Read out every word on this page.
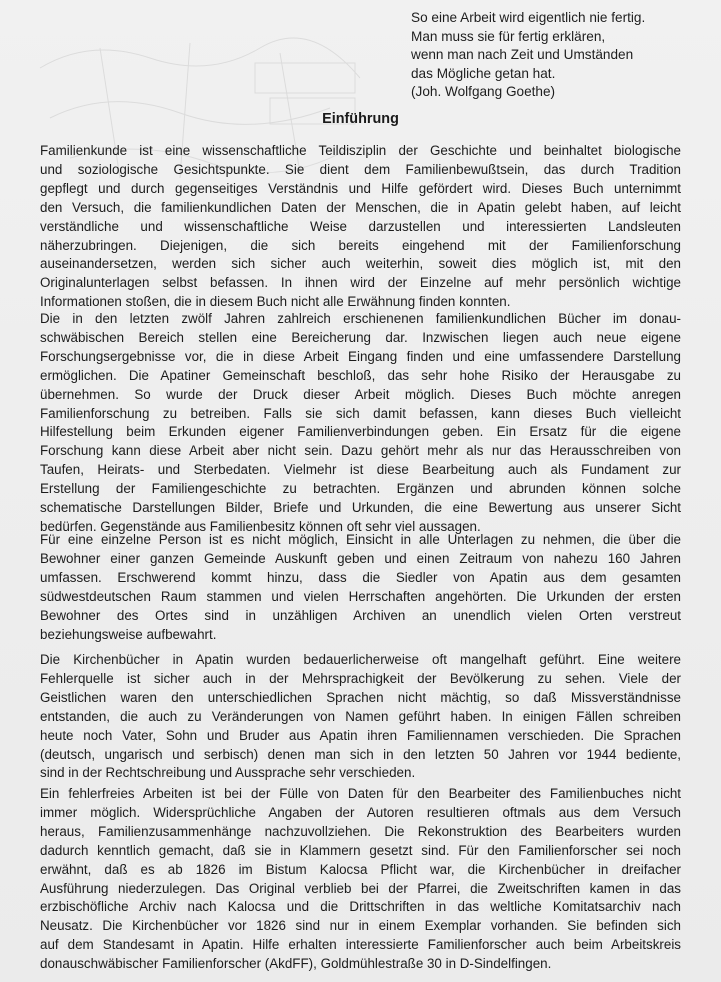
So eine Arbeit wird eigentlich nie fertig.
Man muss sie für fertig erklären,
wenn man nach Zeit und Umständen
das Mögliche getan hat.
(Joh. Wolfgang Goethe)
Einführung
Familienkunde ist eine wissenschaftliche Teildisziplin der Geschichte und beinhaltet biologische
und soziologische Gesichtspunkte. Sie dient dem Familienbewußtsein, das durch Tradition
gepflegt und durch gegenseitiges Verständnis und Hilfe gefördert wird. Dieses Buch unternimmt
den Versuch, die familienkundlichen Daten der Menschen, die in Apatin gelebt haben, auf leicht
verständliche und wissenschaftliche Weise darzustellen und interessierten Landsleuten
näherzubringen. Diejenigen, die sich bereits eingehend mit der Familienforschung
auseinandersetzen, werden sich sicher auch weiterhin, soweit dies möglich ist, mit den
Originalunterlagen selbst befassen. In ihnen wird der Einzelne auf mehr persönlich wichtige
Informationen stoßen, die in diesem Buch nicht alle Erwähnung finden konnten.
Die in den letzten zwölf Jahren zahlreich erschienenen familienkundlichen Bücher im donau-
schwäbischen Bereich stellen eine Bereicherung dar. Inzwischen liegen auch neue eigene
Forschungsergebnisse vor, die in diese Arbeit Eingang finden und eine umfassendere Darstellung
ermöglichen. Die Apatiner Gemeinschaft beschloß, das sehr hohe Risiko der Herausgabe zu
übernehmen. So wurde der Druck dieser Arbeit möglich. Dieses Buch möchte anregen
Familienforschung zu betreiben. Falls sie sich damit befassen, kann dieses Buch vielleicht
Hilfestellung beim Erkunden eigener Familienverbindungen geben. Ein Ersatz für die eigene
Forschung kann diese Arbeit aber nicht sein. Dazu gehört mehr als nur das Herausschreiben von
Taufen, Heirats- und Sterbedaten. Vielmehr ist diese Bearbeitung auch als Fundament zur
Erstellung der Familiengeschichte zu betrachten. Ergänzen und abrunden können solche
schematische Darstellungen Bilder, Briefe und Urkunden, die eine Bewertung aus unserer Sicht
bedürfen. Gegenstände aus Familienbesitz können oft sehr viel aussagen.
Für eine einzelne Person ist es nicht möglich, Einsicht in alle Unterlagen zu nehmen, die über die
Bewohner einer ganzen Gemeinde Auskunft geben und einen Zeitraum von nahezu 160 Jahren
umfassen. Erschwerend kommt hinzu, dass die Siedler von Apatin aus dem gesamten
südwestdeutschen Raum stammen und vielen Herrschaften angehörten. Die Urkunden der ersten
Bewohner des Ortes sind in unzähligen Archiven an unendlich vielen Orten verstreut
beziehungsweise aufbewahrt.
Die Kirchenbücher in Apatin wurden bedauerlicherweise oft mangelhaft geführt. Eine weitere
Fehlerquelle ist sicher auch in der Mehrsprachigkeit der Bevölkerung zu sehen. Viele der
Geistlichen waren den unterschiedlichen Sprachen nicht mächtig, so daß Missverständnisse
entstanden, die auch zu Veränderungen von Namen geführt haben. In einigen Fällen schreiben
heute noch Vater, Sohn und Bruder aus Apatin ihren Familiennamen verschieden. Die Sprachen
(deutsch, ungarisch und serbisch) denen man sich in den letzten 50 Jahren vor 1944 bediente,
sind in der Rechtschreibung und Aussprache sehr verschieden.
Ein fehlerfreies Arbeiten ist bei der Fülle von Daten für den Bearbeiter des Familienbuches nicht
immer möglich. Widersprüchliche Angaben der Autoren resultieren oftmals aus dem Versuch
heraus, Familienzusammenhänge nachzuvollziehen. Die Rekonstruktion des Bearbeiters wurden
dadurch kenntlich gemacht, daß sie in Klammern gesetzt sind. Für den Familienforscher sei noch
erwähnt, daß es ab 1826 im Bistum Kalocsa Pflicht war, die Kirchenbücher in dreifacher
Ausführung niederzulegen. Das Original verblieb bei der Pfarrei, die Zweitschriften kamen in das
erzbischöfliche Archiv nach Kalocsa und die Drittschriften in das weltliche Komitatsarchiv nach
Neusatz. Die Kirchenbücher vor 1826 sind nur in einem Exemplar vorhanden. Sie befinden sich
auf dem Standesamt in Apatin. Hilfe erhalten interessierte Familienforscher auch beim Arbeitskreis
donauschwäbischer Familienforscher (AkdFF), Goldmühlestraße 30 in D-Sindelfingen.
